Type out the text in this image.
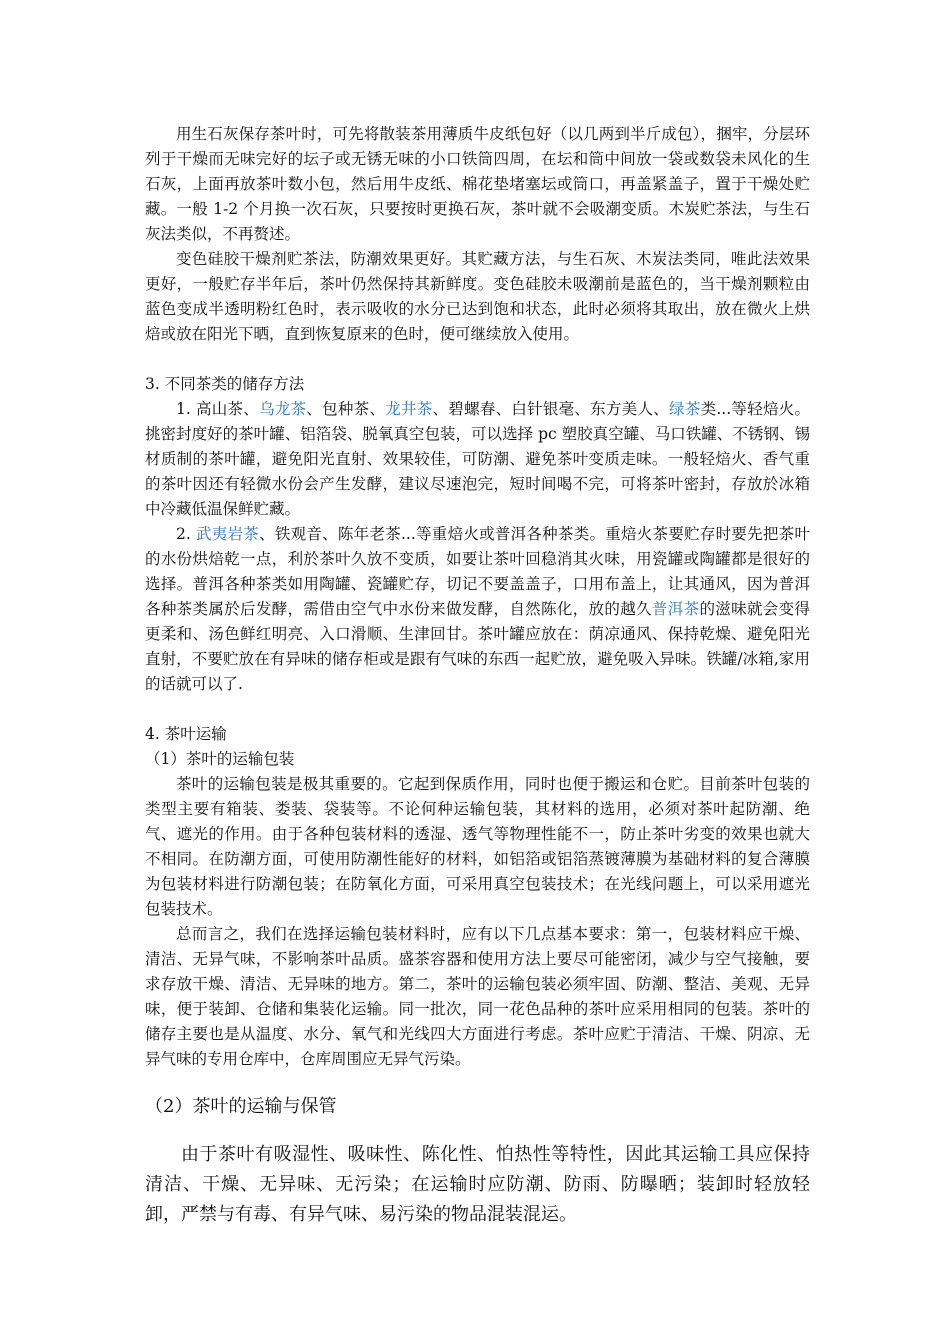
用生石灰保存茶叶时，可先将散装茶用薄质牛皮纸包好（以几两到半斤成包），捆牢，分层环列于干燥而无味完好的坛子或无锈无味的小口铁筒四周，在坛和筒中间放一袋或数袋未风化的生石灰，上面再放茶叶数小包，然后用牛皮纸、棉花垫堵塞坛或筒口，再盖紧盖子，置于干燥处贮藏。一般 1-2 个月换一次石灰，只要按时更换石灰，茶叶就不会吸潮变质。木炭贮茶法，与生石灰法类似，不再赘述。

变色硅胶干燥剂贮茶法，防潮效果更好。其贮藏方法，与生石灰、木炭法类同，唯此法效果更好，一般贮存半年后，茶叶仍然保持其新鲜度。变色硅胶未吸潮前是蓝色的，当干燥剂颗粒由蓝色变成半透明粉红色时，表示吸收的水分已达到饱和状态，此时必须将其取出，放在微火上烘焙或放在阳光下晒，直到恢复原来的色时，便可继续放入使用。

3. 不同茶类的储存方法

1. 高山茶、乌龙茶、包种茶、龙井茶、碧螺春、白针银毫、东方美人、绿茶类...等轻焙火。挑密封度好的茶叶罐、铝箔袋、脱氧真空包装，可以选择 pc 塑胶真空罐、马口铁罐、不锈钢、锡材质制的茶叶罐，避免阳光直射、效果较佳，可防潮、避免茶叶变质走味。一般轻焙火、香气重的茶叶因还有轻微水份会产生发酵，建议尽速泡完，短时间喝不完，可将茶叶密封，存放於冰箱中冷藏低温保鲜贮藏。

2. 武夷岩茶、铁观音、陈年老茶...等重焙火或普洱各种茶类。重焙火茶要贮存时要先把茶叶的水份烘焙乾一点，利於茶叶久放不变质，如要让茶叶回稳消其火味，用瓷罐或陶罐都是很好的选择。普洱各种茶类如用陶罐、瓷罐贮存，切记不要盖盖子，口用布盖上，让其通风，因为普洱各种茶类属於后发酵，需借由空气中水份来做发酵，自然陈化，放的越久普洱茶的滋味就会变得更柔和、汤色鲜红明亮、入口滑顺、生津回甘。茶叶罐应放在：荫凉通风、保持乾燥、避免阳光直射，不要贮放在有异味的储存柜或是跟有气味的东西一起贮放，避免吸入异味。铁罐/冰箱,家用的话就可以了.

4. 茶叶运输

（1）茶叶的运输包装

茶叶的运输包装是极其重要的。它起到保质作用，同时也便于搬运和仓贮。目前茶叶包装的类型主要有箱装、娄装、袋装等。不论何种运输包装，其材料的选用，必须对茶叶起防潮、绝气、遮光的作用。由于各种包装材料的透湿、透气等物理性能不一，防止茶叶劣变的效果也就大不相同。在防潮方面，可使用防潮性能好的材料，如铝箔或铝箔蒸镀薄膜为基础材料的复合薄膜为包装材料进行防潮包装；在防氧化方面，可采用真空包装技术；在光线问题上，可以采用遮光包装技术。

总而言之，我们在选择运输包装材料时，应有以下几点基本要求：第一，包装材料应干燥、清洁、无异气味，不影响茶叶品质。盛茶容器和使用方法上要尽可能密闭，减少与空气接触，要求存放干燥、清洁、无异味的地方。第二，茶叶的运输包装必须牢固、防潮、整洁、美观、无异味，便于装卸、仓储和集装化运输。同一批次，同一花色品种的茶叶应采用相同的包装。茶叶的储存主要也是从温度、水分、氧气和光线四大方面进行考虑。茶叶应贮于清洁、干燥、阴凉、无异气味的专用仓库中，仓库周围应无异气污染。

（2）茶叶的运输与保管

由于茶叶有吸湿性、吸味性、陈化性、怕热性等特性，因此其运输工具应保持清洁、干燥、无异味、无污染；在运输时应防潮、防雨、防曝晒；装卸时轻放轻卸，严禁与有毒、有异气味、易污染的物品混装混运。
